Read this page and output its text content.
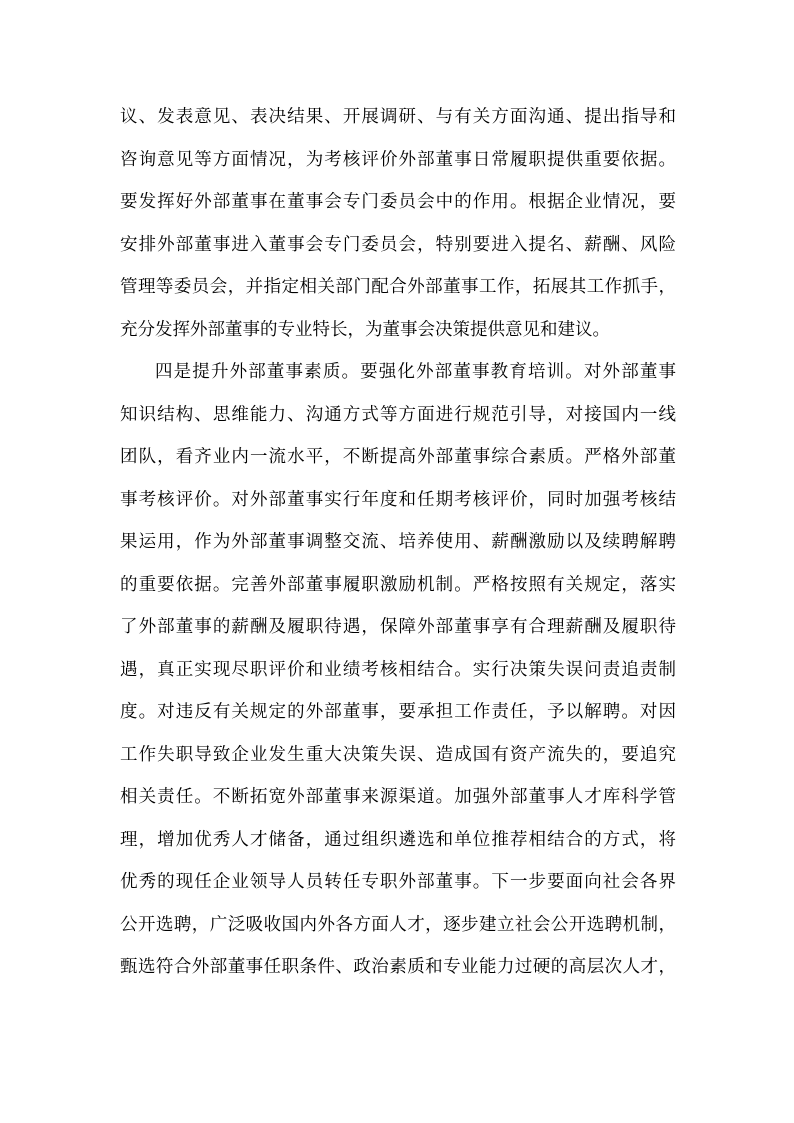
议、发表意见、表决结果、开展调研、与有关方面沟通、提出指导和
咨询意见等方面情况，为考核评价外部董事日常履职提供重要依据。
要发挥好外部董事在董事会专门委员会中的作用。根据企业情况，要
安排外部董事进入董事会专门委员会，特别要进入提名、薪酬、风险
管理等委员会，并指定相关部门配合外部董事工作，拓展其工作抓手，
充分发挥外部董事的专业特长，为董事会决策提供意见和建议。
四是提升外部董事素质。要强化外部董事教育培训。对外部董事
知识结构、思维能力、沟通方式等方面进行规范引导，对接国内一线
团队，看齐业内一流水平，不断提高外部董事综合素质。严格外部董
事考核评价。对外部董事实行年度和任期考核评价，同时加强考核结
果运用，作为外部董事调整交流、培养使用、薪酬激励以及续聘解聘
的重要依据。完善外部董事履职激励机制。严格按照有关规定，落实
了外部董事的薪酬及履职待遇，保障外部董事享有合理薪酬及履职待
遇，真正实现尽职评价和业绩考核相结合。实行决策失误问责追责制
度。对违反有关规定的外部董事，要承担工作责任，予以解聘。对因
工作失职导致企业发生重大决策失误、造成国有资产流失的，要追究
相关责任。不断拓宽外部董事来源渠道。加强外部董事人才库科学管
理，增加优秀人才储备，通过组织遴选和单位推荐相结合的方式，将
优秀的现任企业领导人员转任专职外部董事。下一步要面向社会各界
公开选聘，广泛吸收国内外各方面人才，逐步建立社会公开选聘机制，
甄选符合外部董事任职条件、政治素质和专业能力过硬的高层次人才，
